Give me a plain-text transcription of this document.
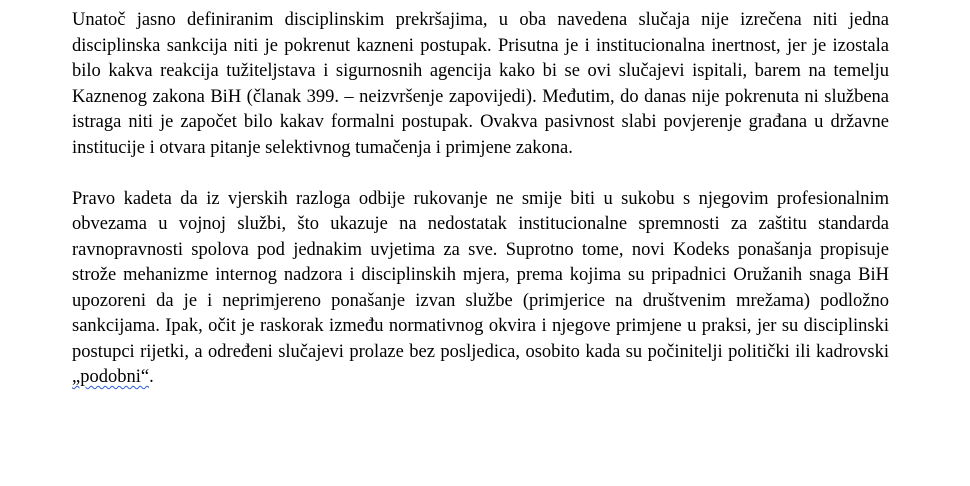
Unatoč jasno definiranim disciplinskim prekršajima, u oba navedena slučaja nije izrečena niti jedna disciplinska sankcija niti je pokrenut kazneni postupak. Prisutna je i institucionalna inertnost, jer je izostala bilo kakva reakcija tužiteljstava i sigurnosnih agencija kako bi se ovi slučajevi ispitali, barem na temelju Kaznenog zakona BiH (članak 399. – neizvršenje zapovijedi). Međutim, do danas nije pokrenuta ni službena istraga niti je započet bilo kakav formalni postupak. Ovakva pasivnost slabi povjerenje građana u državne institucije i otvara pitanje selektivnog tumačenja i primjene zakona.

Pravo kadeta da iz vjerskih razloga odbije rukovanje ne smije biti u sukobu s njegovim profesionalnim obvezama u vojnoj službi, što ukazuje na nedostatak institucionalne spremnosti za zaštitu standarda ravnopravnosti spolova pod jednakim uvjetima za sve. Suprotno tome, novi Kodeks ponašanja propisuje strože mehanizme internog nadzora i disciplinskih mjera, prema kojima su pripadnici Oružanih snaga BiH upozoreni da je i neprimjereno ponašanje izvan službe (primjerice na društvenim mrežama) podložno sankcijama. Ipak, očit je raskorak između normativnog okvira i njegove primjene u praksi, jer su disciplinski postupci rijetki, a određeni slučajevi prolaze bez posljedica, osobito kada su počinitelji politički ili kadrovski „podobni“.
